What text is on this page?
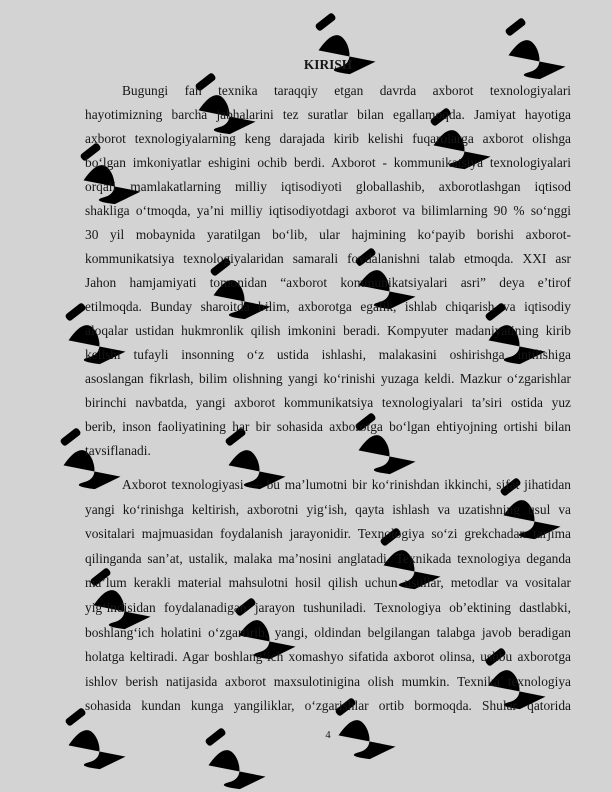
KIRISH
Bugungi fan texnika taraqqiy etgan davrda axborot texnologiyalari
hayotimizning barcha jabhalarini tez suratlar bilan egallamoqda. Jamiyat hayotiga
axborot texnologiyalarning keng darajada kirib kelishi fuqarolarga axborot olishga
bo‘lgan imkoniyatlar eshigini ochib berdi. Axborot - kommunikatsiya texnologiyalari
orqali mamlakatlarning milliy iqtisodiyoti globallashib, axborotlashgan iqtisod
shakliga o‘tmoqda, ya’ni milliy iqtisodiyotdagi axborot va bilimlarning 90 % so‘nggi
30 yil mobaynida yaratilgan bo‘lib, ular hajmining ko‘payib borishi axborot-
kommunikatsiya texnologiyalaridan samarali foydalanishni talab etmoqda. XXI asr
Jahon hamjamiyati tomonidan “axborot kommunikatsiyalari asri” deya e’tirof
etilmoqda. Bunday sharoitda bilim, axborotga egalik, ishlab chiqarish va iqtisodiy
aloqalar ustidan hukmronlik qilish imkonini beradi. Kompyuter madaniyatining kirib
kelishi tufayli insonning o‘z ustida ishlashi, malakasini oshirishga intilishiga
asoslangan fikrlash, bilim olishning yangi ko‘rinishi yuzaga keldi. Mazkur o‘zgarishlar
birinchi navbatda, yangi axborot kommunikatsiya texnologiyalari ta’siri ostida yuz
berib, inson faoliyatining har bir sohasida axborotga bo‘lgan ehtiyojning ortishi bilan
tavsiflanadi.
Axborot texnologiyasi — bu ma’lumotni bir ko‘rinishdan ikkinchi, sifat jihatidan
yangi ko‘rinishga keltirish, axborotni yig‘ish, qayta ishlash va uzatishning usul va
vositalari majmuasidan foydalanish jarayonidir. Texnologiya so‘zi grekchadan tarjima
qilinganda san’at, ustalik, malaka ma’nosini anglatadi. Texnikada texnologiya deganda
ma’lum kerakli material mahsulotni hosil qilish uchun usullar, metodlar va vositalar
yig‘indisidan foydalanadigan jarayon tushuniladi. Texnologiya ob’ektining dastlabki,
boshlang‘ich holatini o‘zgartirib, yangi, oldindan belgilangan talabga javob beradigan
holatga keltiradi. Agar boshlang‘ich xomashyo sifatida axborot olinsa, ushbu axborotga
ishlov berish natijasida axborot maxsulotinigina olish mumkin. Texnika texnologiya
sohasida kundan kunga yangiliklar, o‘zgarishlar ortib bormoqda. Shular qatorida
4
